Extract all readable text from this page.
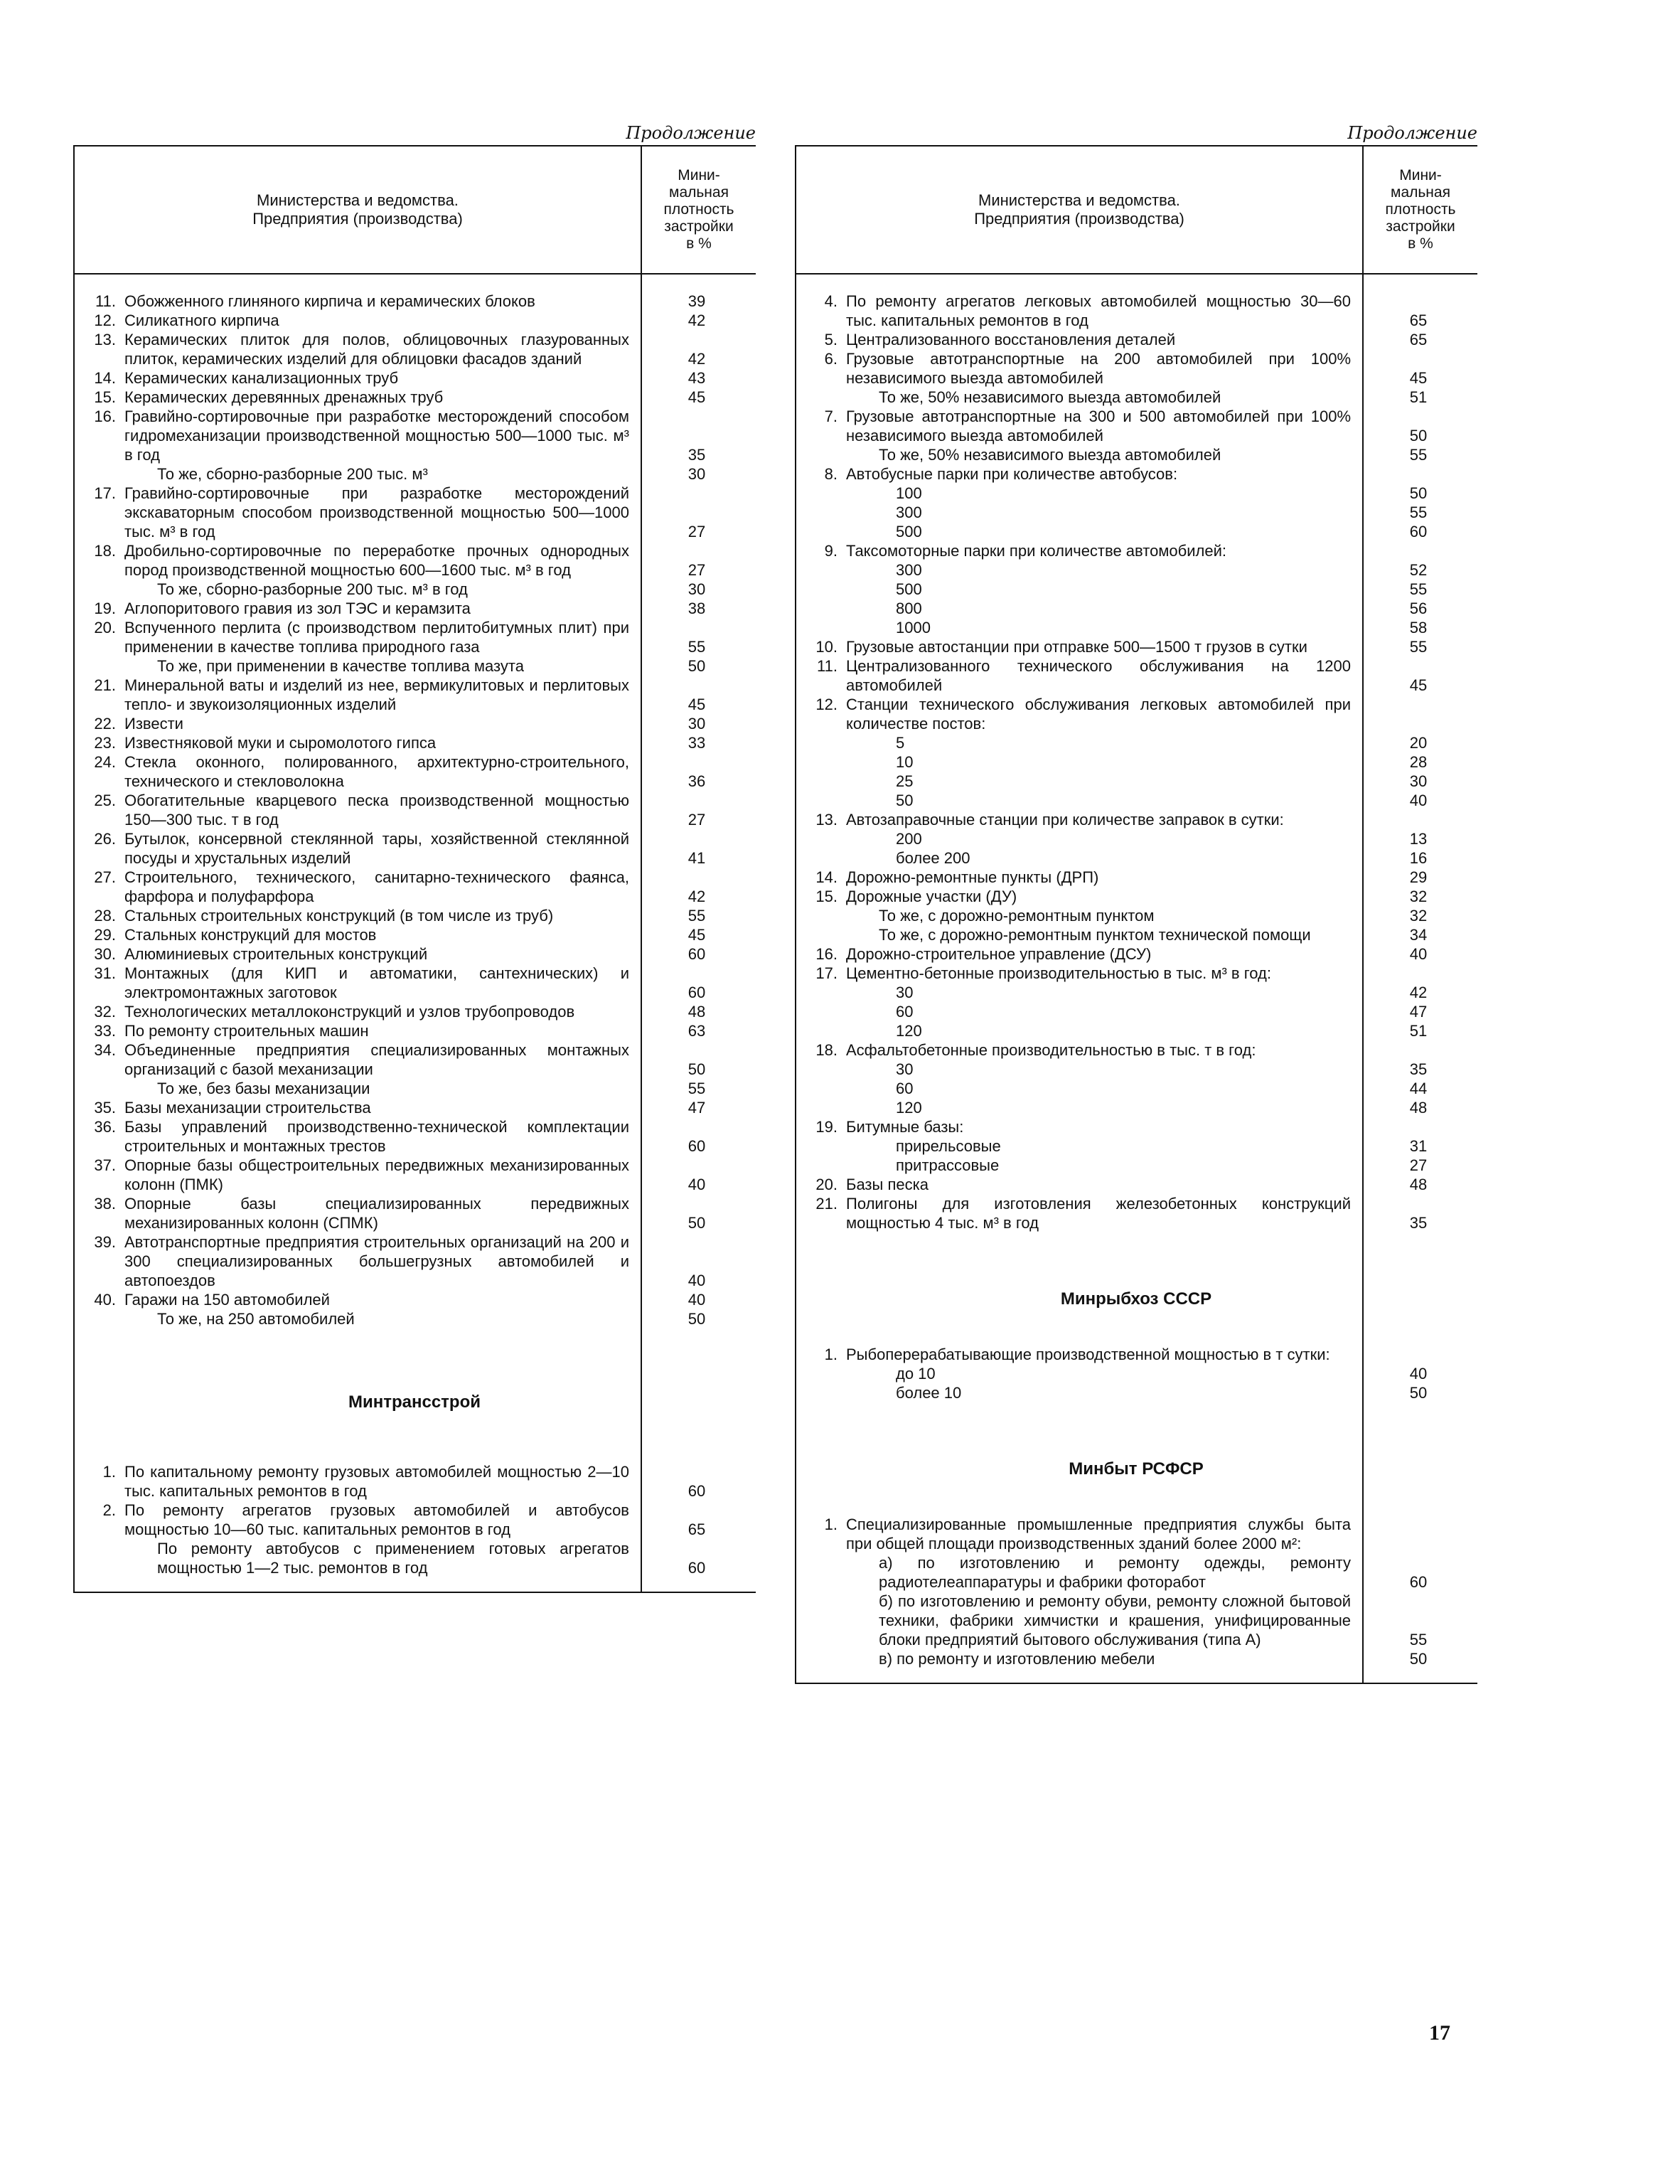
Продолжение
Министерства и ведомства.
Предприятия (производства)
Мини-
мальная
плотность
застройки
в %
11. Обожженного глиняного кирпича и керамических блоков	39
12. Силикатного кирпича	42
13. Керамических плиток для полов, облицовочных глазурованных плиток, керамических изделий для облицовки фасадов зданий	42
14. Керамических канализационных труб	43
15. Керамических деревянных дренажных труб	45
16. Гравийно-сортировочные при разработке месторождений способом гидромеханизации производственной мощностью 500—1000 тыс. м³ в год	35
То же, сборно-разборные 200 тыс. м³	30
17. Гравийно-сортировочные при разработке месторождений экскаваторным способом производственной мощностью 500—1000 тыс. м³ в год	27
18. Дробильно-сортировочные по переработке прочных однородных пород производственной мощностью 600—1600 тыс. м³ в год	27
То же, сборно-разборные 200 тыс. м³ в год	30
19. Аглопоритового гравия из зол ТЭС и керамзита	38
20. Вспученного перлита (с производством перлитобитумных плит) при применении в качестве топлива природного газа	55
То же, при применении в качестве топлива мазута	50
21. Минеральной ваты и изделий из нее, вермикулитовых и перлитовых тепло- и звукоизоляционных изделий	45
22. Извести	30
23. Известняковой муки и сыромолотого гипса	33
24. Стекла оконного, полированного, архитектурно-строительного, технического и стекловолокна	36
25. Обогатительные кварцевого песка производственной мощностью 150—300 тыс. т в год	27
26. Бутылок, консервной стеклянной тары, хозяйственной стеклянной посуды и хрустальных изделий	41
27. Строительного, технического, санитарно-технического фаянса, фарфора и полуфарфора	42
28. Стальных строительных конструкций (в том числе из труб)	55
29. Стальных конструкций для мостов	45
30. Алюминиевых строительных конструкций	60
31. Монтажных (для КИП и автоматики, сантехнических) и электромонтажных заготовок	60
32. Технологических металлоконструкций и узлов трубопроводов	48
33. По ремонту строительных машин	63
34. Объединенные предприятия специализированных монтажных организаций с базой механизации	50
То же, без базы механизации	55
35. Базы механизации строительства	47
36. Базы управлений производственно-технической комплектации строительных и монтажных трестов	60
37. Опорные базы общестроительных передвижных механизированных колонн (ПМК)	40
38. Опорные базы специализированных передвижных механизированных колонн (СПМК)	50
39. Автотранспортные предприятия строительных организаций на 200 и 300 специализированных большегрузных автомобилей и автопоездов	40
40. Гаражи на 150 автомобилей	40
То же, на 250 автомобилей	50
Минтрансстрой
1. По капитальному ремонту грузовых автомобилей мощностью 2—10 тыс. капитальных ремонтов в год	60
2. По ремонту агрегатов грузовых автомобилей и автобусов мощностью 10—60 тыс. капитальных ремонтов в год	65
По ремонту автобусов с применением готовых агрегатов мощностью 1—2 тыс. ремонтов в год	60
Продолжение
Министерства и ведомства.
Предприятия (производства)
Мини-
мальная
плотность
застройки
в %
4. По ремонту агрегатов легковых автомобилей мощностью 30—60 тыс. капитальных ремонтов в год	65
5. Централизованного восстановления деталей	65
6. Грузовые автотранспортные на 200 автомобилей при 100% независимого выезда автомобилей	45
То же, 50% независимого выезда автомобилей	51
7. Грузовые автотранспортные на 300 и 500 автомобилей при 100% независимого выезда автомобилей	50
То же, 50% независимого выезда автомобилей	55
8. Автобусные парки при количестве автобусов:
100	50
300	55
500	60
9. Таксомоторные парки при количестве автомобилей:
300	52
500	55
800	56
1000	58
10. Грузовые автостанции при отправке 500—1500 т грузов в сутки	55
11. Централизованного технического обслуживания на 1200 автомобилей	45
12. Станции технического обслуживания легковых автомобилей при количестве постов:
5	20
10	28
25	30
50	40
13. Автозаправочные станции при количестве заправок в сутки:
200	13
более 200	16
14. Дорожно-ремонтные пункты (ДРП)	29
15. Дорожные участки (ДУ)	32
То же, с дорожно-ремонтным пунктом	32
То же, с дорожно-ремонтным пунктом технической помощи	34
16. Дорожно-строительное управление (ДСУ)	40
17. Цементно-бетонные производительностью в тыс. м³ в год:
30	42
60	47
120	51
18. Асфальтобетонные производительностью в тыс. т в год:
30	35
60	44
120	48
19. Битумные базы:
прирельсовые	31
притрассовые	27
20. Базы песка	48
21. Полигоны для изготовления железобетонных конструкций мощностью 4 тыс. м³ в год	35
Минрыбхоз СССР
1. Рыбоперерабатывающие производственной мощностью в т сутки:
до 10	40
более 10	50
Минбыт РСФСР
1. Специализированные промышленные предприятия службы быта при общей площади производственных зданий более 2000 м²:
а) по изготовлению и ремонту одежды, ремонту радиотелеаппаратуры и фабрики фоторабот	60
б) по изготовлению и ремонту обуви, ремонту сложной бытовой техники, фабрики химчистки и крашения, унифицированные блоки предприятий бытового обслуживания (типа А)	55
в) по ремонту и изготовлению мебели	50
17
